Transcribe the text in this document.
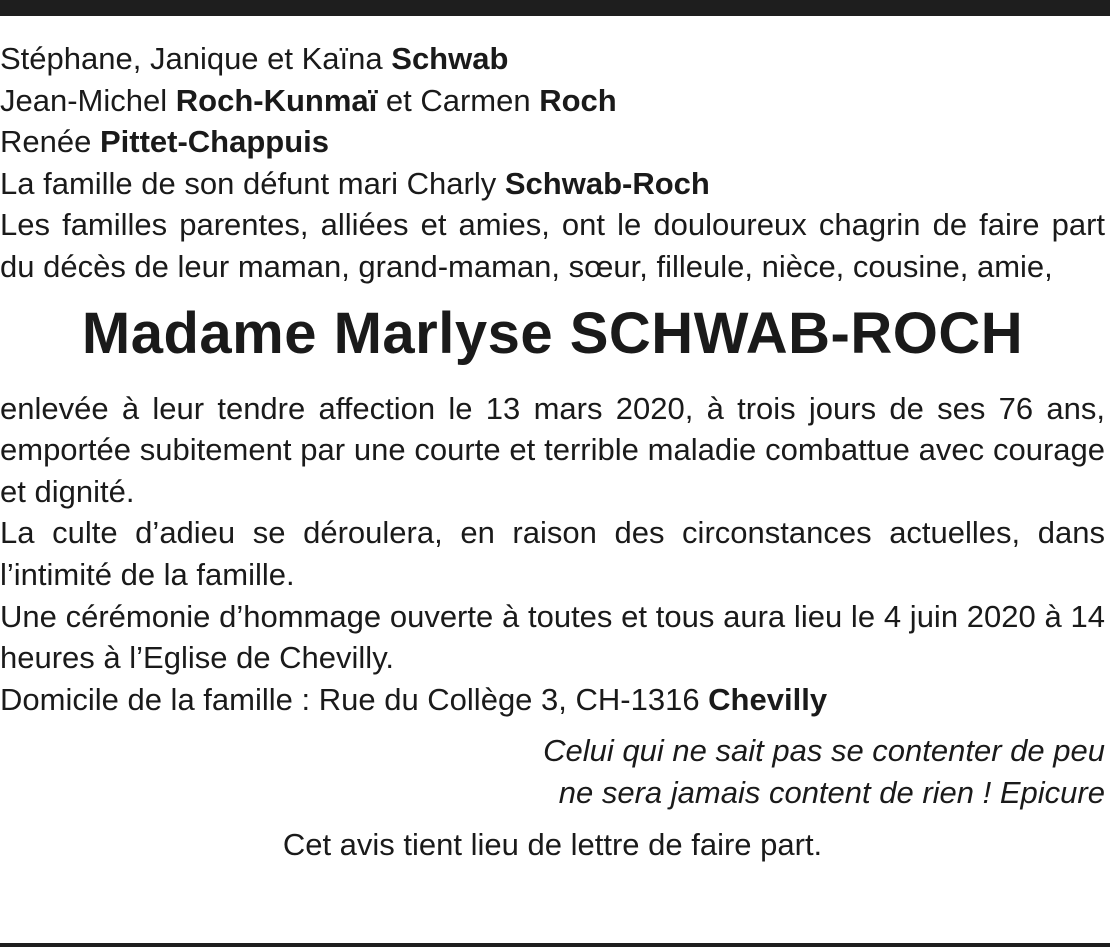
Stéphane, Janique et Kaïna Schwab
Jean-Michel Roch-Kunmaï et Carmen Roch
Renée Pittet-Chappuis
La famille de son défunt mari Charly Schwab-Roch
Les familles parentes, alliées et amies, ont le douloureux chagrin de faire part du décès de leur maman, grand-maman, sœur, filleule, nièce, cousine, amie,
Madame Marlyse SCHWAB-ROCH
enlevée à leur tendre affection le 13 mars 2020, à trois jours de ses 76 ans, emportée subitement par une courte et terrible maladie combattue avec courage et dignité.
La culte d’adieu se déroulera, en raison des circonstances actuelles, dans l’intimité de la famille.
Une cérémonie d’hommage ouverte à toutes et tous aura lieu le 4 juin 2020 à 14 heures à l’Eglise de Chevilly.
Domicile de la famille : Rue du Collège 3, CH-1316 Chevilly
Celui qui ne sait pas se contenter de peu
ne sera jamais content de rien ! Epicure
Cet avis tient lieu de lettre de faire part.
